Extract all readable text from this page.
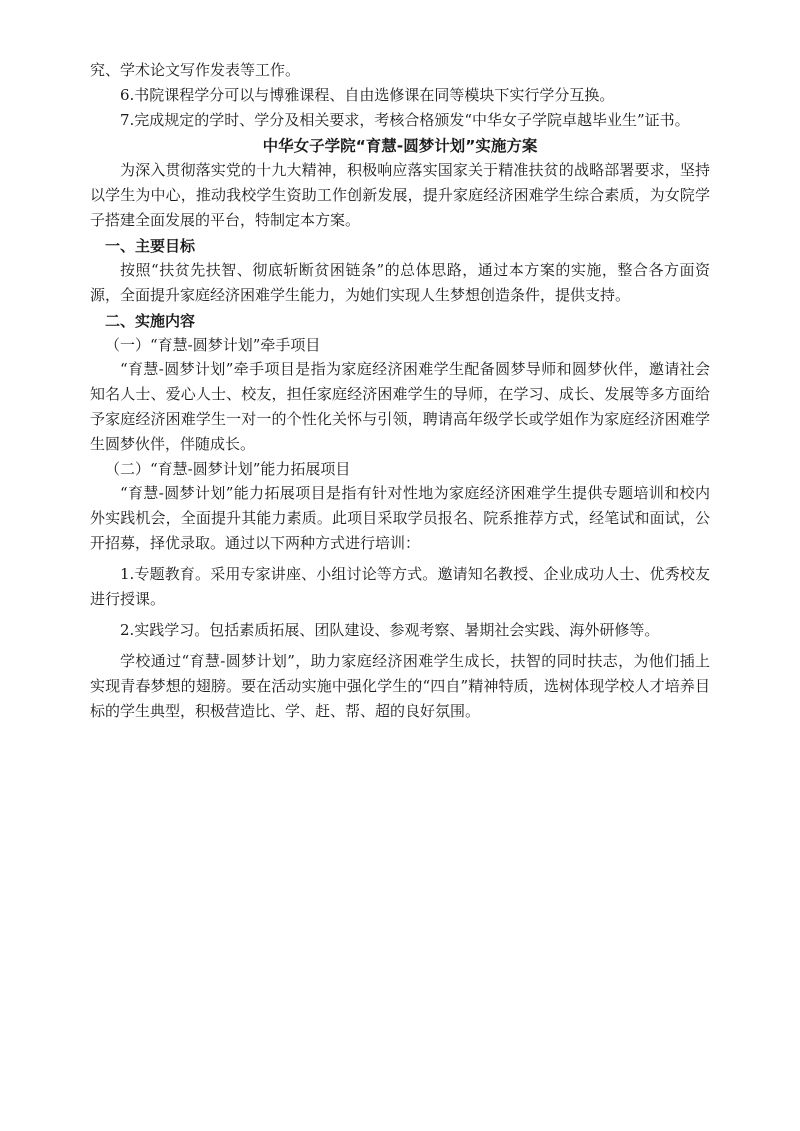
究、学术论文写作发表等工作。

6.书院课程学分可以与博雅课程、自由选修课在同等模块下实行学分互换。

7.完成规定的学时、学分及相关要求，考核合格颁发“中华女子学院卓越毕业生”证书。

中华女子学院“育慧-圆梦计划”实施方案

为深入贯彻落实党的十九大精神，积极响应落实国家关于精准扶贫的战略部署要求，坚持以学生为中心，推动我校学生资助工作创新发展，提升家庭经济困难学生综合素质，为女院学子搭建全面发展的平台，特制定本方案。

一、主要目标

按照“扶贫先扶智、彻底斩断贫困链条”的总体思路，通过本方案的实施，整合各方面资源，全面提升家庭经济困难学生能力，为她们实现人生梦想创造条件，提供支持。

二、实施内容

（一）“育慧-圆梦计划”牵手项目

“育慧-圆梦计划”牵手项目是指为家庭经济困难学生配备圆梦导师和圆梦伙伴，邀请社会知名人士、爱心人士、校友，担任家庭经济困难学生的导师，在学习、成长、发展等多方面给予家庭经济困难学生一对一的个性化关怀与引领，聘请高年级学长或学姐作为家庭经济困难学生圆梦伙伴，伴随成长。

（二）“育慧-圆梦计划”能力拓展项目

“育慧-圆梦计划”能力拓展项目是指有针对性地为家庭经济困难学生提供专题培训和校内外实践机会，全面提升其能力素质。此项目采取学员报名、院系推荐方式，经笔试和面试，公开招募，择优录取。通过以下两种方式进行培训：

1.专题教育。采用专家讲座、小组讨论等方式。邀请知名教授、企业成功人士、优秀校友进行授课。

2.实践学习。包括素质拓展、团队建设、参观考察、暑期社会实践、海外研修等。

学校通过“育慧-圆梦计划”，助力家庭经济困难学生成长，扶智的同时扶志，为他们插上实现青春梦想的翅膀。要在活动实施中强化学生的“四自”精神特质，选树体现学校人才培养目标的学生典型，积极营造比、学、赶、帮、超的良好氛围。
